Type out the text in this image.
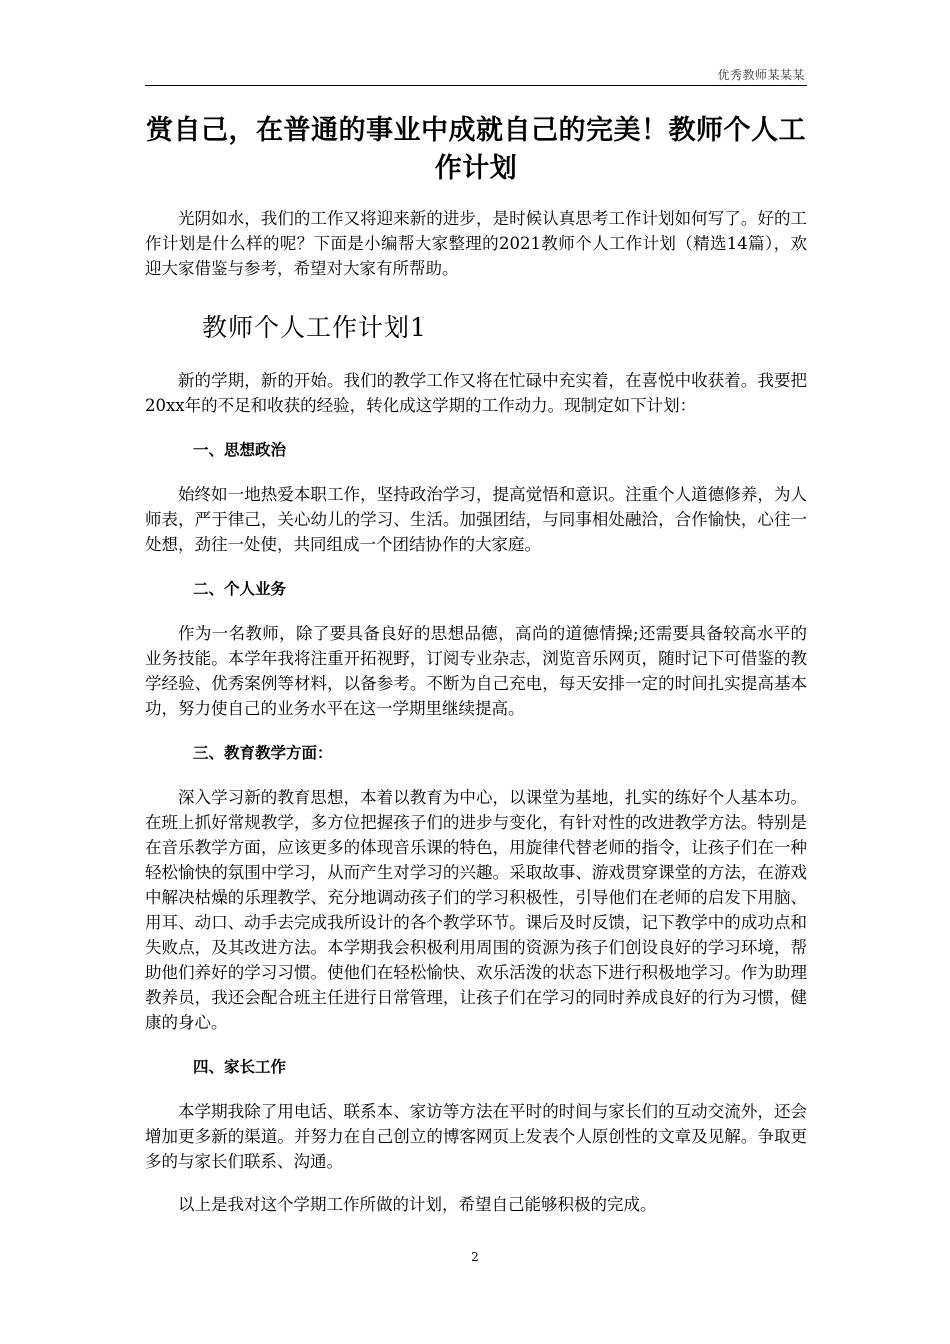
优秀教师某某某
赏自己，在普通的事业中成就自己的完美！教师个人工作计划

光阴如水，我们的工作又将迎来新的进步，是时候认真思考工作计划如何写了。好的工作计划是什么样的呢？下面是小编帮大家整理的2021教师个人工作计划（精选14篇），欢迎大家借鉴与参考，希望对大家有所帮助。

教师个人工作计划1

新的学期，新的开始。我们的教学工作又将在忙碌中充实着，在喜悦中收获着。我要把20xx年的不足和收获的经验，转化成这学期的工作动力。现制定如下计划：

一、思想政治

始终如一地热爱本职工作，坚持政治学习，提高觉悟和意识。注重个人道德修养，为人师表，严于律己，关心幼儿的学习、生活。加强团结，与同事相处融洽，合作愉快，心往一处想，劲往一处使，共同组成一个团结协作的大家庭。

二、个人业务

作为一名教师，除了要具备良好的思想品德，高尚的道德情操;还需要具备较高水平的业务技能。本学年我将注重开拓视野，订阅专业杂志，浏览音乐网页，随时记下可借鉴的教学经验、优秀案例等材料，以备参考。不断为自己充电，每天安排一定的时间扎实提高基本功，努力使自己的业务水平在这一学期里继续提高。

三、教育教学方面：

深入学习新的教育思想，本着以教育为中心，以课堂为基地，扎实的练好个人基本功。在班上抓好常规教学，多方位把握孩子们的进步与变化，有针对性的改进教学方法。特别是在音乐教学方面，应该更多的体现音乐课的特色，用旋律代替老师的指令，让孩子们在一种轻松愉快的氛围中学习，从而产生对学习的兴趣。采取故事、游戏贯穿课堂的方法，在游戏中解决枯燥的乐理教学、充分地调动孩子们的学习积极性，引导他们在老师的启发下用脑、用耳、动口、动手去完成我所设计的各个教学环节。课后及时反馈，记下教学中的成功点和失败点，及其改进方法。本学期我会积极利用周围的资源为孩子们创设良好的学习环境，帮助他们养好的学习习惯。使他们在轻松愉快、欢乐活泼的状态下进行积极地学习。作为助理教养员，我还会配合班主任进行日常管理，让孩子们在学习的同时养成良好的行为习惯，健康的身心。

四、家长工作

本学期我除了用电话、联系本、家访等方法在平时的时间与家长们的互动交流外，还会增加更多新的渠道。并努力在自己创立的博客网页上发表个人原创性的文章及见解。争取更多的与家长们联系、沟通。

以上是我对这个学期工作所做的计划，希望自己能够积极的完成。

2
